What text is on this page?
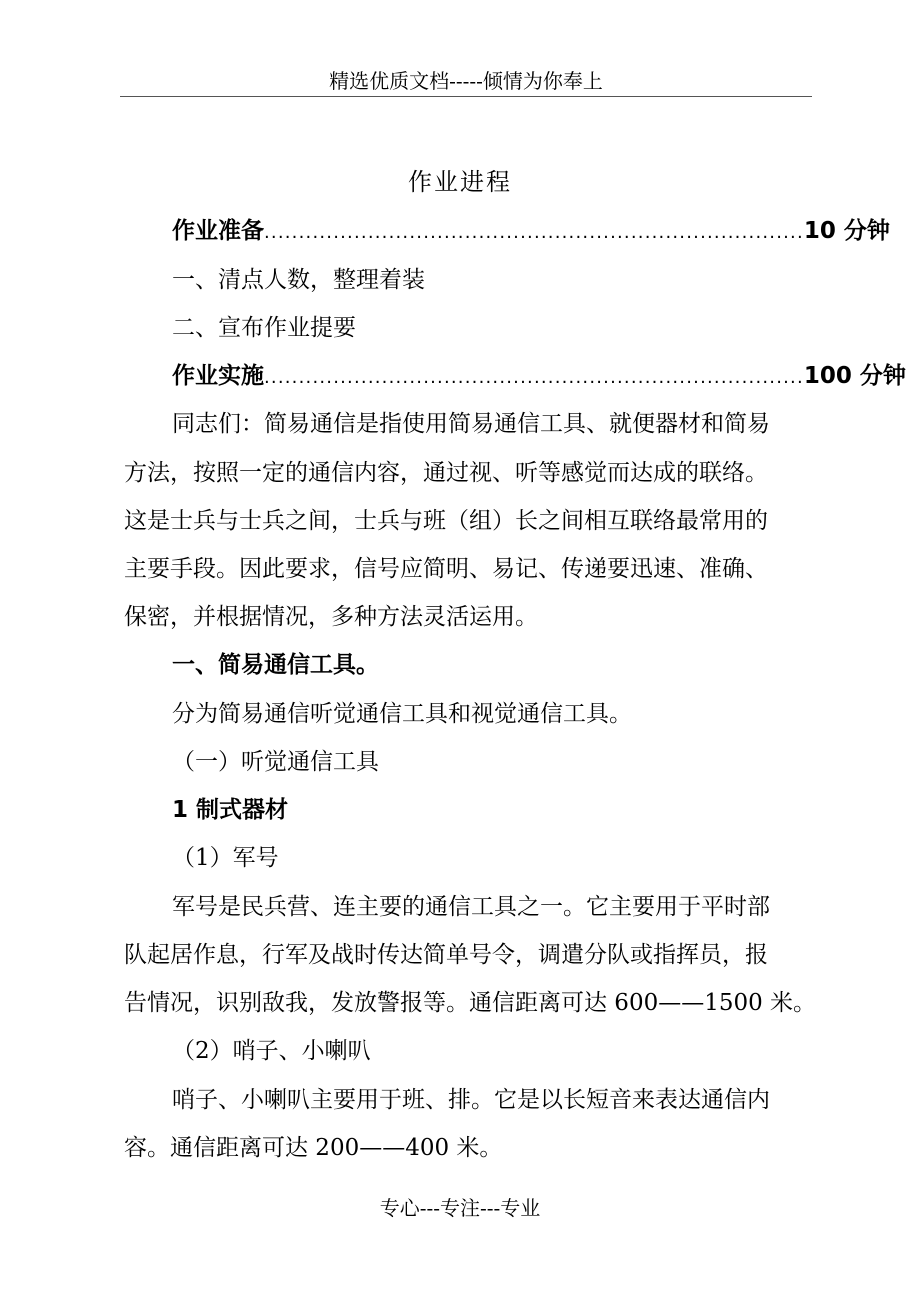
精选优质文档-----倾情为你奉上
作业进程
作业准备 .............................................................................. 10 分钟
一、清点人数，整理着装
二、宣布作业提要
作业实施 .............................................................................. 100 分钟
同志们：简易通信是指使用简易通信工具、就便器材和简易
方法，按照一定的通信内容，通过视、听等感觉而达成的联络。
这是士兵与士兵之间，士兵与班（组）长之间相互联络最常用的
主要手段。因此要求，信号应简明、易记、传递要迅速、准确、
保密，并根据情况，多种方法灵活运用。
一、简易通信工具。
分为简易通信听觉通信工具和视觉通信工具。
（一）听觉通信工具
1 制式器材
（1）军号
军号是民兵营、连主要的通信工具之一。它主要用于平时部
队起居作息，行军及战时传达简单号令，调遣分队或指挥员，报
告情况，识别敌我，发放警报等。通信距离可达 600——1500 米。
（2）哨子、小喇叭
哨子、小喇叭主要用于班、排。它是以长短音来表达通信内
容。通信距离可达 200——400 米。
专心---专注---专业
